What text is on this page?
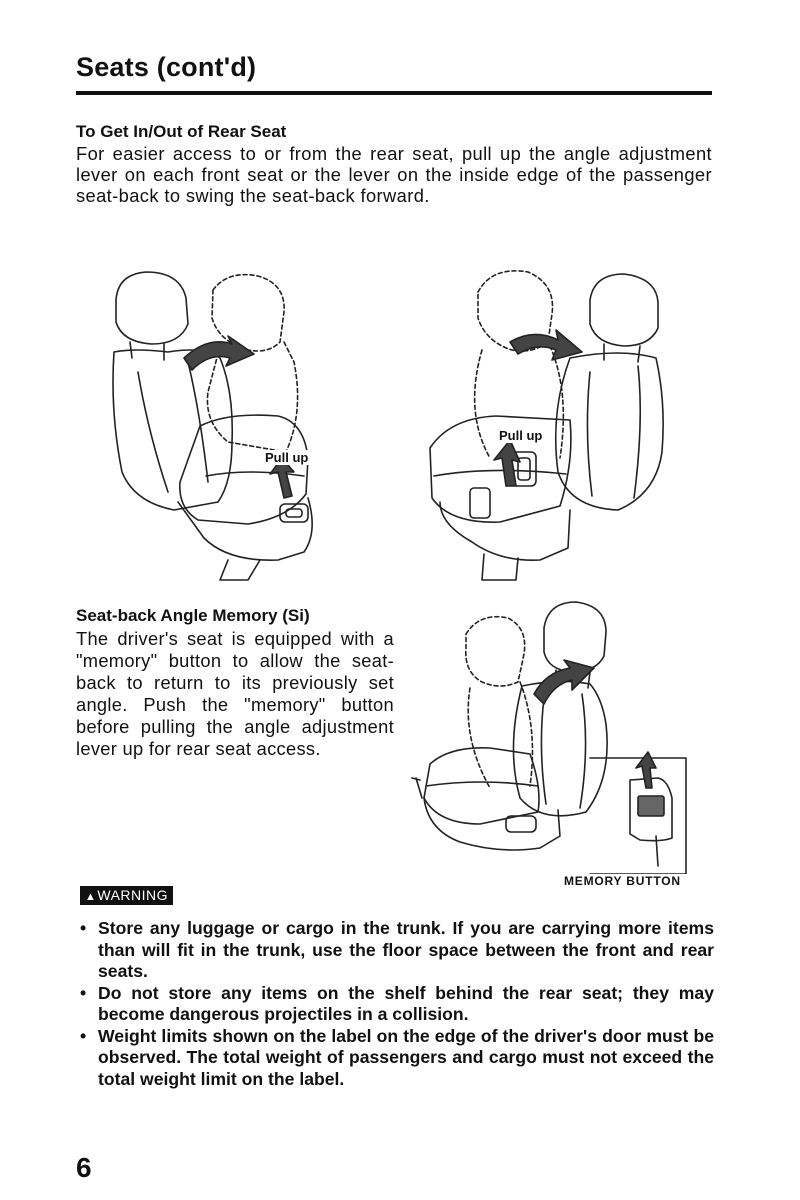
Seats (cont'd)
To Get In/Out of Rear Seat
For easier access to or from the rear seat, pull up the angle adjustment lever on each front seat or the lever on the inside edge of the passenger seat-back to swing the seat-back forward.
Pull up
Pull up
Seat-back Angle Memory (Si)
The driver's seat is equipped with a "memory" button to allow the seat-back to return to its previously set angle. Push the "memory" button before pulling the angle adjustment lever up for rear seat access.
MEMORY BUTTON
▲WARNING
• Store any luggage or cargo in the trunk. If you are carrying more items than will fit in the trunk, use the floor space between the front and rear seats.
• Do not store any items on the shelf behind the rear seat; they may become dangerous projectiles in a collision.
• Weight limits shown on the label on the edge of the driver's door must be observed. The total weight of passengers and cargo must not exceed the total weight limit on the label.
6
